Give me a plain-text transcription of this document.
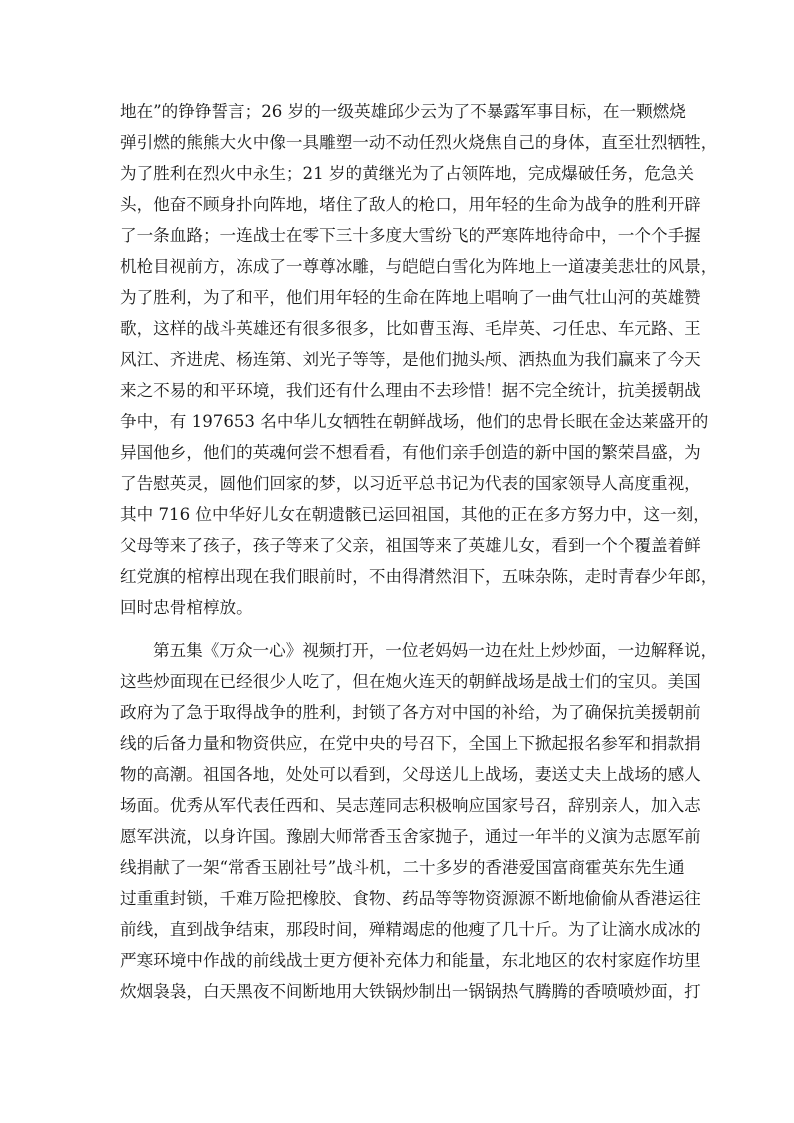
地在”的铮铮誓言；26 岁的一级英雄邱少云为了不暴露军事目标，在一颗燃烧
弹引燃的熊熊大火中像一具雕塑一动不动任烈火烧焦自己的身体，直至壮烈牺牲，
为了胜利在烈火中永生；21 岁的黄继光为了占领阵地，完成爆破任务，危急关
头，他奋不顾身扑向阵地，堵住了敌人的枪口，用年轻的生命为战争的胜利开辟
了一条血路；一连战士在零下三十多度大雪纷飞的严寒阵地待命中，一个个手握
机枪目视前方，冻成了一尊尊冰雕，与皑皑白雪化为阵地上一道凄美悲壮的风景，
为了胜利，为了和平，他们用年轻的生命在阵地上唱响了一曲气壮山河的英雄赞
歌，这样的战斗英雄还有很多很多，比如曹玉海、毛岸英、刁任忠、车元路、王
风江、齐进虎、杨连第、刘光子等等，是他们抛头颅、洒热血为我们赢来了今天
来之不易的和平环境，我们还有什么理由不去珍惜！据不完全统计，抗美援朝战
争中，有 197653 名中华儿女牺牲在朝鲜战场，他们的忠骨长眠在金达莱盛开的
异国他乡，他们的英魂何尝不想看看，有他们亲手创造的新中国的繁荣昌盛，为
了告慰英灵，圆他们回家的梦，以习近平总书记为代表的国家领导人高度重视，
其中 716 位中华好儿女在朝遗骸已运回祖国，其他的正在多方努力中，这一刻，
父母等来了孩子，孩子等来了父亲，祖国等来了英雄儿女，看到一个个覆盖着鲜
红党旗的棺椁出现在我们眼前时，不由得潸然泪下，五味杂陈，走时青春少年郎，
回时忠骨棺椁放。
第五集《万众一心》视频打开，一位老妈妈一边在灶上炒炒面，一边解释说，
这些炒面现在已经很少人吃了，但在炮火连天的朝鲜战场是战士们的宝贝。美国
政府为了急于取得战争的胜利，封锁了各方对中国的补给，为了确保抗美援朝前
线的后备力量和物资供应，在党中央的号召下，全国上下掀起报名参军和捐款捐
物的高潮。祖国各地，处处可以看到，父母送儿上战场，妻送丈夫上战场的感人
场面。优秀从军代表任西和、吴志莲同志积极响应国家号召，辞别亲人，加入志
愿军洪流，以身许国。豫剧大师常香玉舍家抛子，通过一年半的义演为志愿军前
线捐献了一架“常香玉剧社号”战斗机，二十多岁的香港爱国富商霍英东先生通
过重重封锁，千难万险把橡胶、食物、药品等等物资源源不断地偷偷从香港运往
前线，直到战争结束，那段时间，殚精竭虑的他瘦了几十斤。为了让滴水成冰的
严寒环境中作战的前线战士更方便补充体力和能量，东北地区的农村家庭作坊里
炊烟袅袅，白天黑夜不间断地用大铁锅炒制出一锅锅热气腾腾的香喷喷炒面，打
